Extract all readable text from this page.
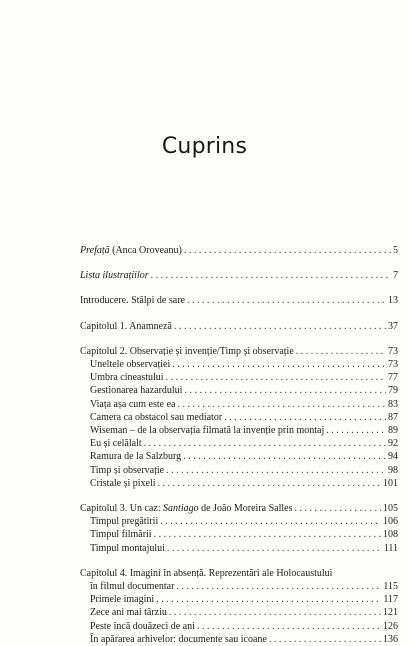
Cuprins
Prefață (Anca Oroveanu) . . .	5
Lista ilustrațiilor . . .	7
Introducere. Stâlpi de sare . . .	13
Capitolul 1. Anamneză . . .	37
Capitolul 2. Observație și invenție/Timp și observație . . .	73
Uneltele observației . . .	73
Umbra cineastului . . .	77
Gestionarea hazardului . . .	79
Viața așa cum este ea . . .	83
Camera ca obstacol sau mediator . . .	87
Wiseman – de la observația filmată la invenție prin montaj . . .	89
Eu și celălalt . . .	92
Ramura de la Salzburg . . .	94
Timp și observație . . .	98
Cristale și pixeli . . .	101
Capitolul 3. Un caz: Santiago de João Moreira Salles . . .	105
Timpul pregătirii . . .	106
Timpul filmării . . .	108
Timpul montajului . . .	111
Capitolul 4. Imagini în absență. Reprezentări ale Holocaustului
în filmul documentar . . .	115
Primele imagini . . .	117
Zece ani mai târziu . . .	121
Peste încă douăzeci de ani . . .	126
În apărarea arhivelor: documente sau icoane . . .	136
